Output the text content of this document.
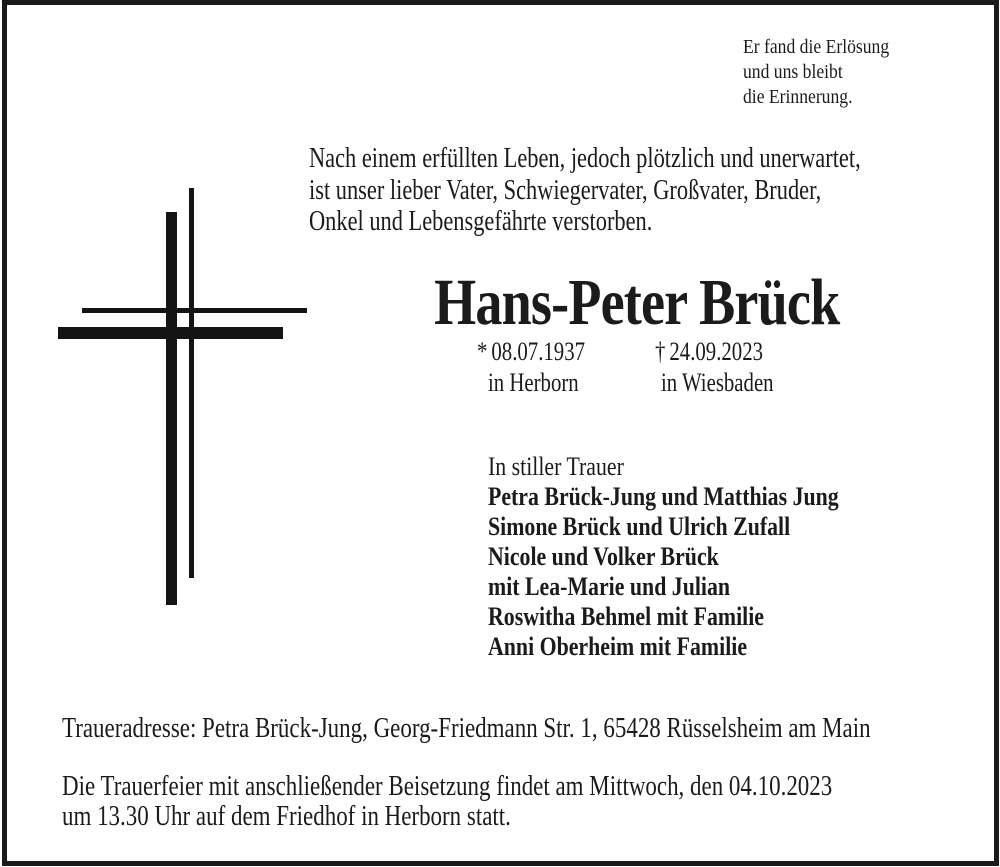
Er fand die Erlösung
und uns bleibt
die Erinnerung.
Nach einem erfüllten Leben, jedoch plötzlich und unerwartet,
ist unser lieber Vater, Schwiegervater, Großvater, Bruder,
Onkel und Lebensgefährte verstorben.
Hans-Peter Brück
* 08.07.1937
in Herborn
† 24.09.2023
in Wiesbaden
In stiller Trauer
Petra Brück-Jung und Matthias Jung
Simone Brück und Ulrich Zufall
Nicole und Volker Brück
mit Lea-Marie und Julian
Roswitha Behmel mit Familie
Anni Oberheim mit Familie
Traueradresse: Petra Brück-Jung, Georg-Friedmann Str. 1, 65428 Rüsselsheim am Main
Die Trauerfeier mit anschließender Beisetzung findet am Mittwoch, den 04.10.2023
um 13.30 Uhr auf dem Friedhof in Herborn statt.
